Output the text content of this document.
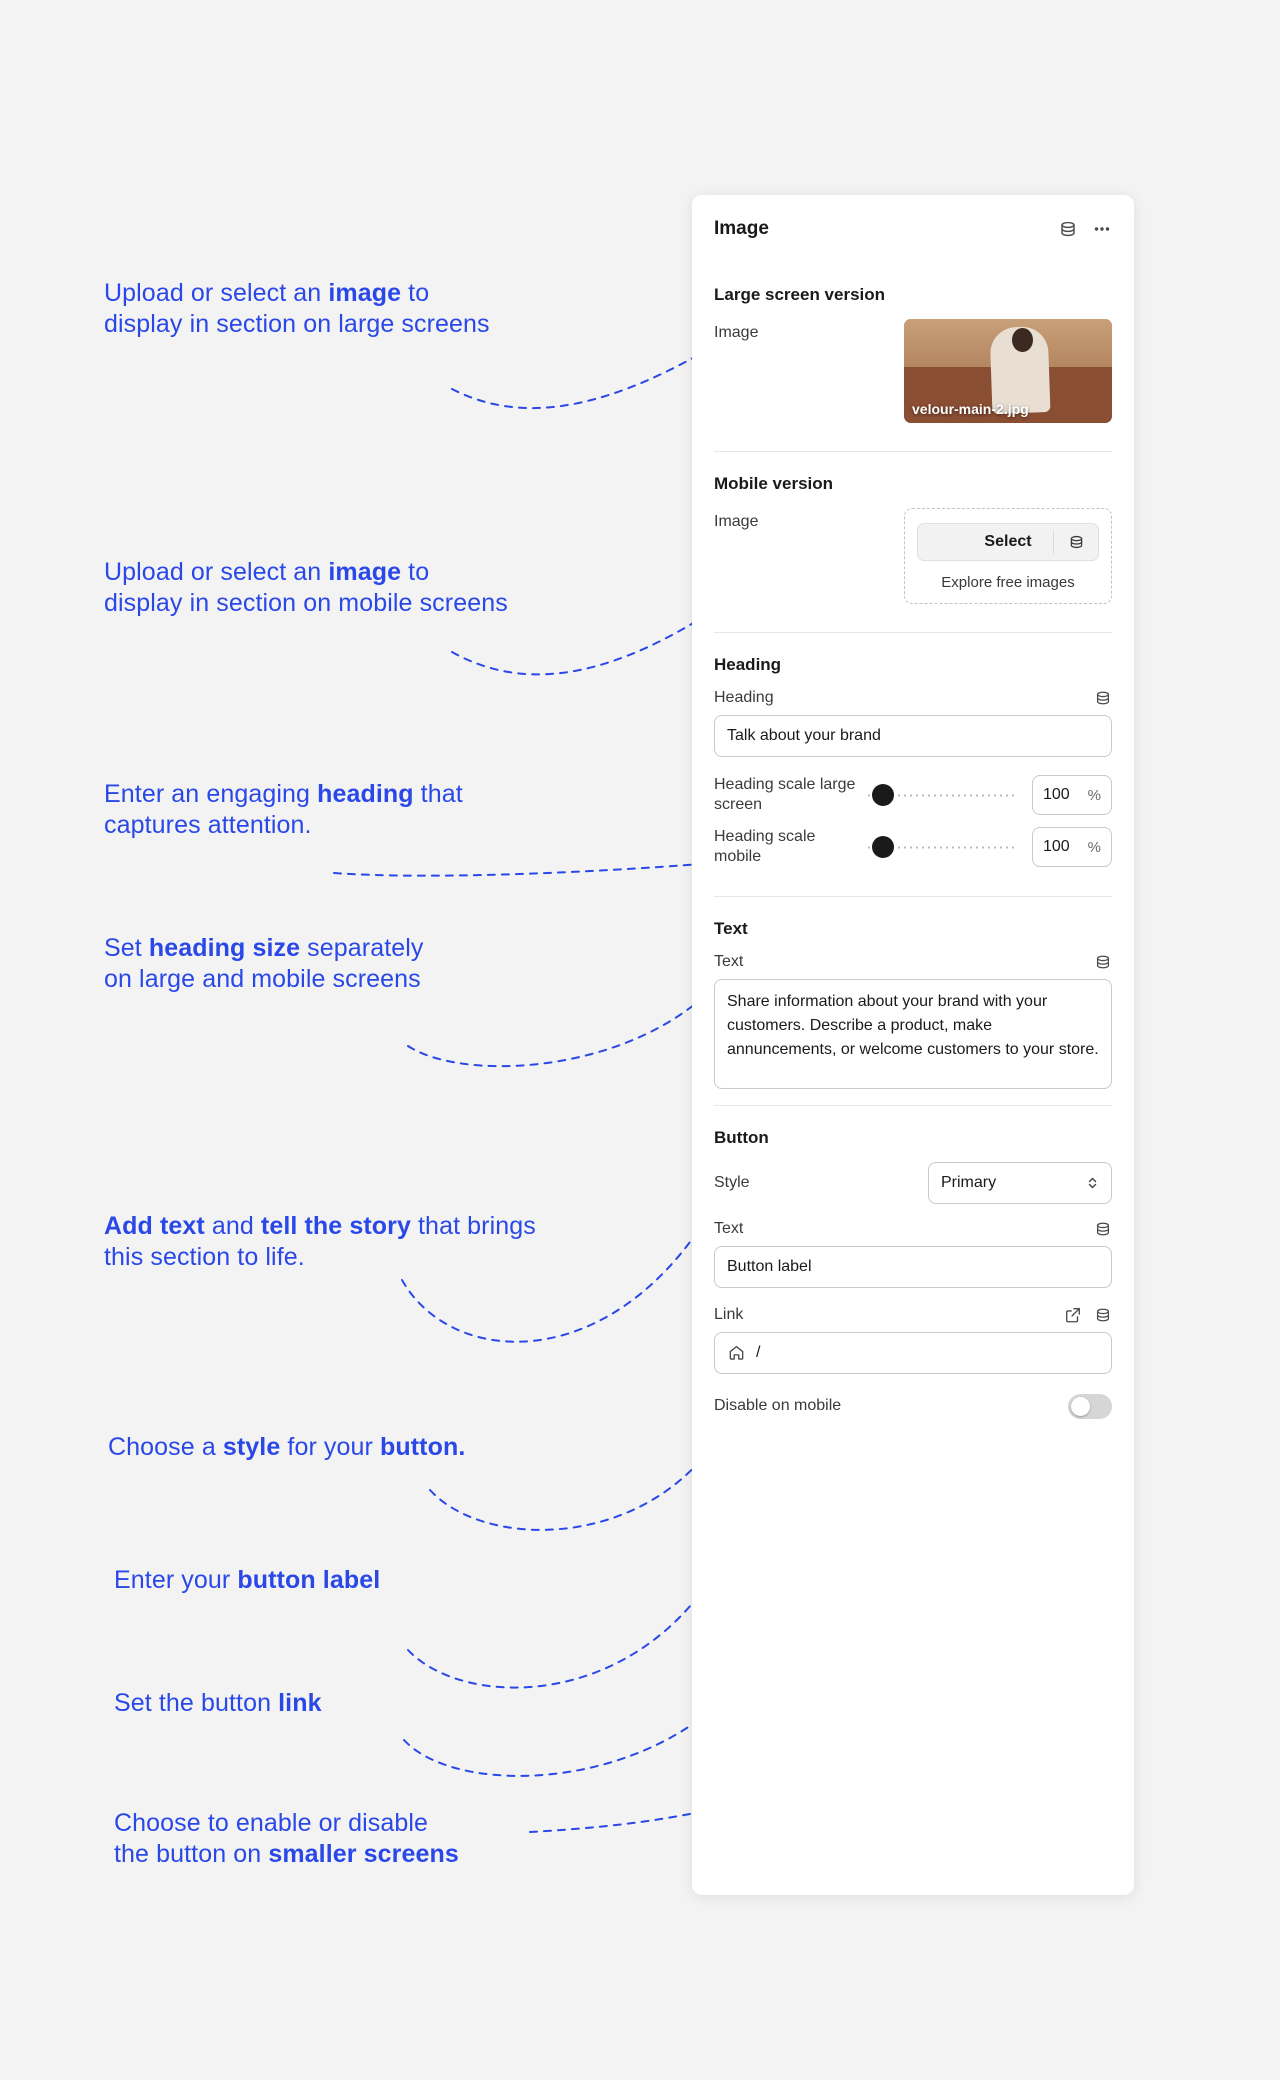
Upload or select an image to
display in section on large screens
Upload or select an image to
display in section on mobile screens
Enter an engaging heading that
captures attention.
Set heading size separately
on large and mobile screens
Add text and tell the story that brings
this section to life.
Choose a style for your button.
Enter your button label
Set the button link
Choose to enable or disable
the button on smaller screens
Image
Large screen version
Image
velour-main-2.jpg
Mobile version
Image
Select
Explore free images
Heading
Heading
Talk about your brand
Heading scale large screen
100 %
Heading scale mobile
100 %
Text
Text
Share information about your brand with your customers. Describe a product, make annuncements, or welcome customers to your store.
Button
Style	Primary
Text
Button label
Link
/
Disable on mobile
